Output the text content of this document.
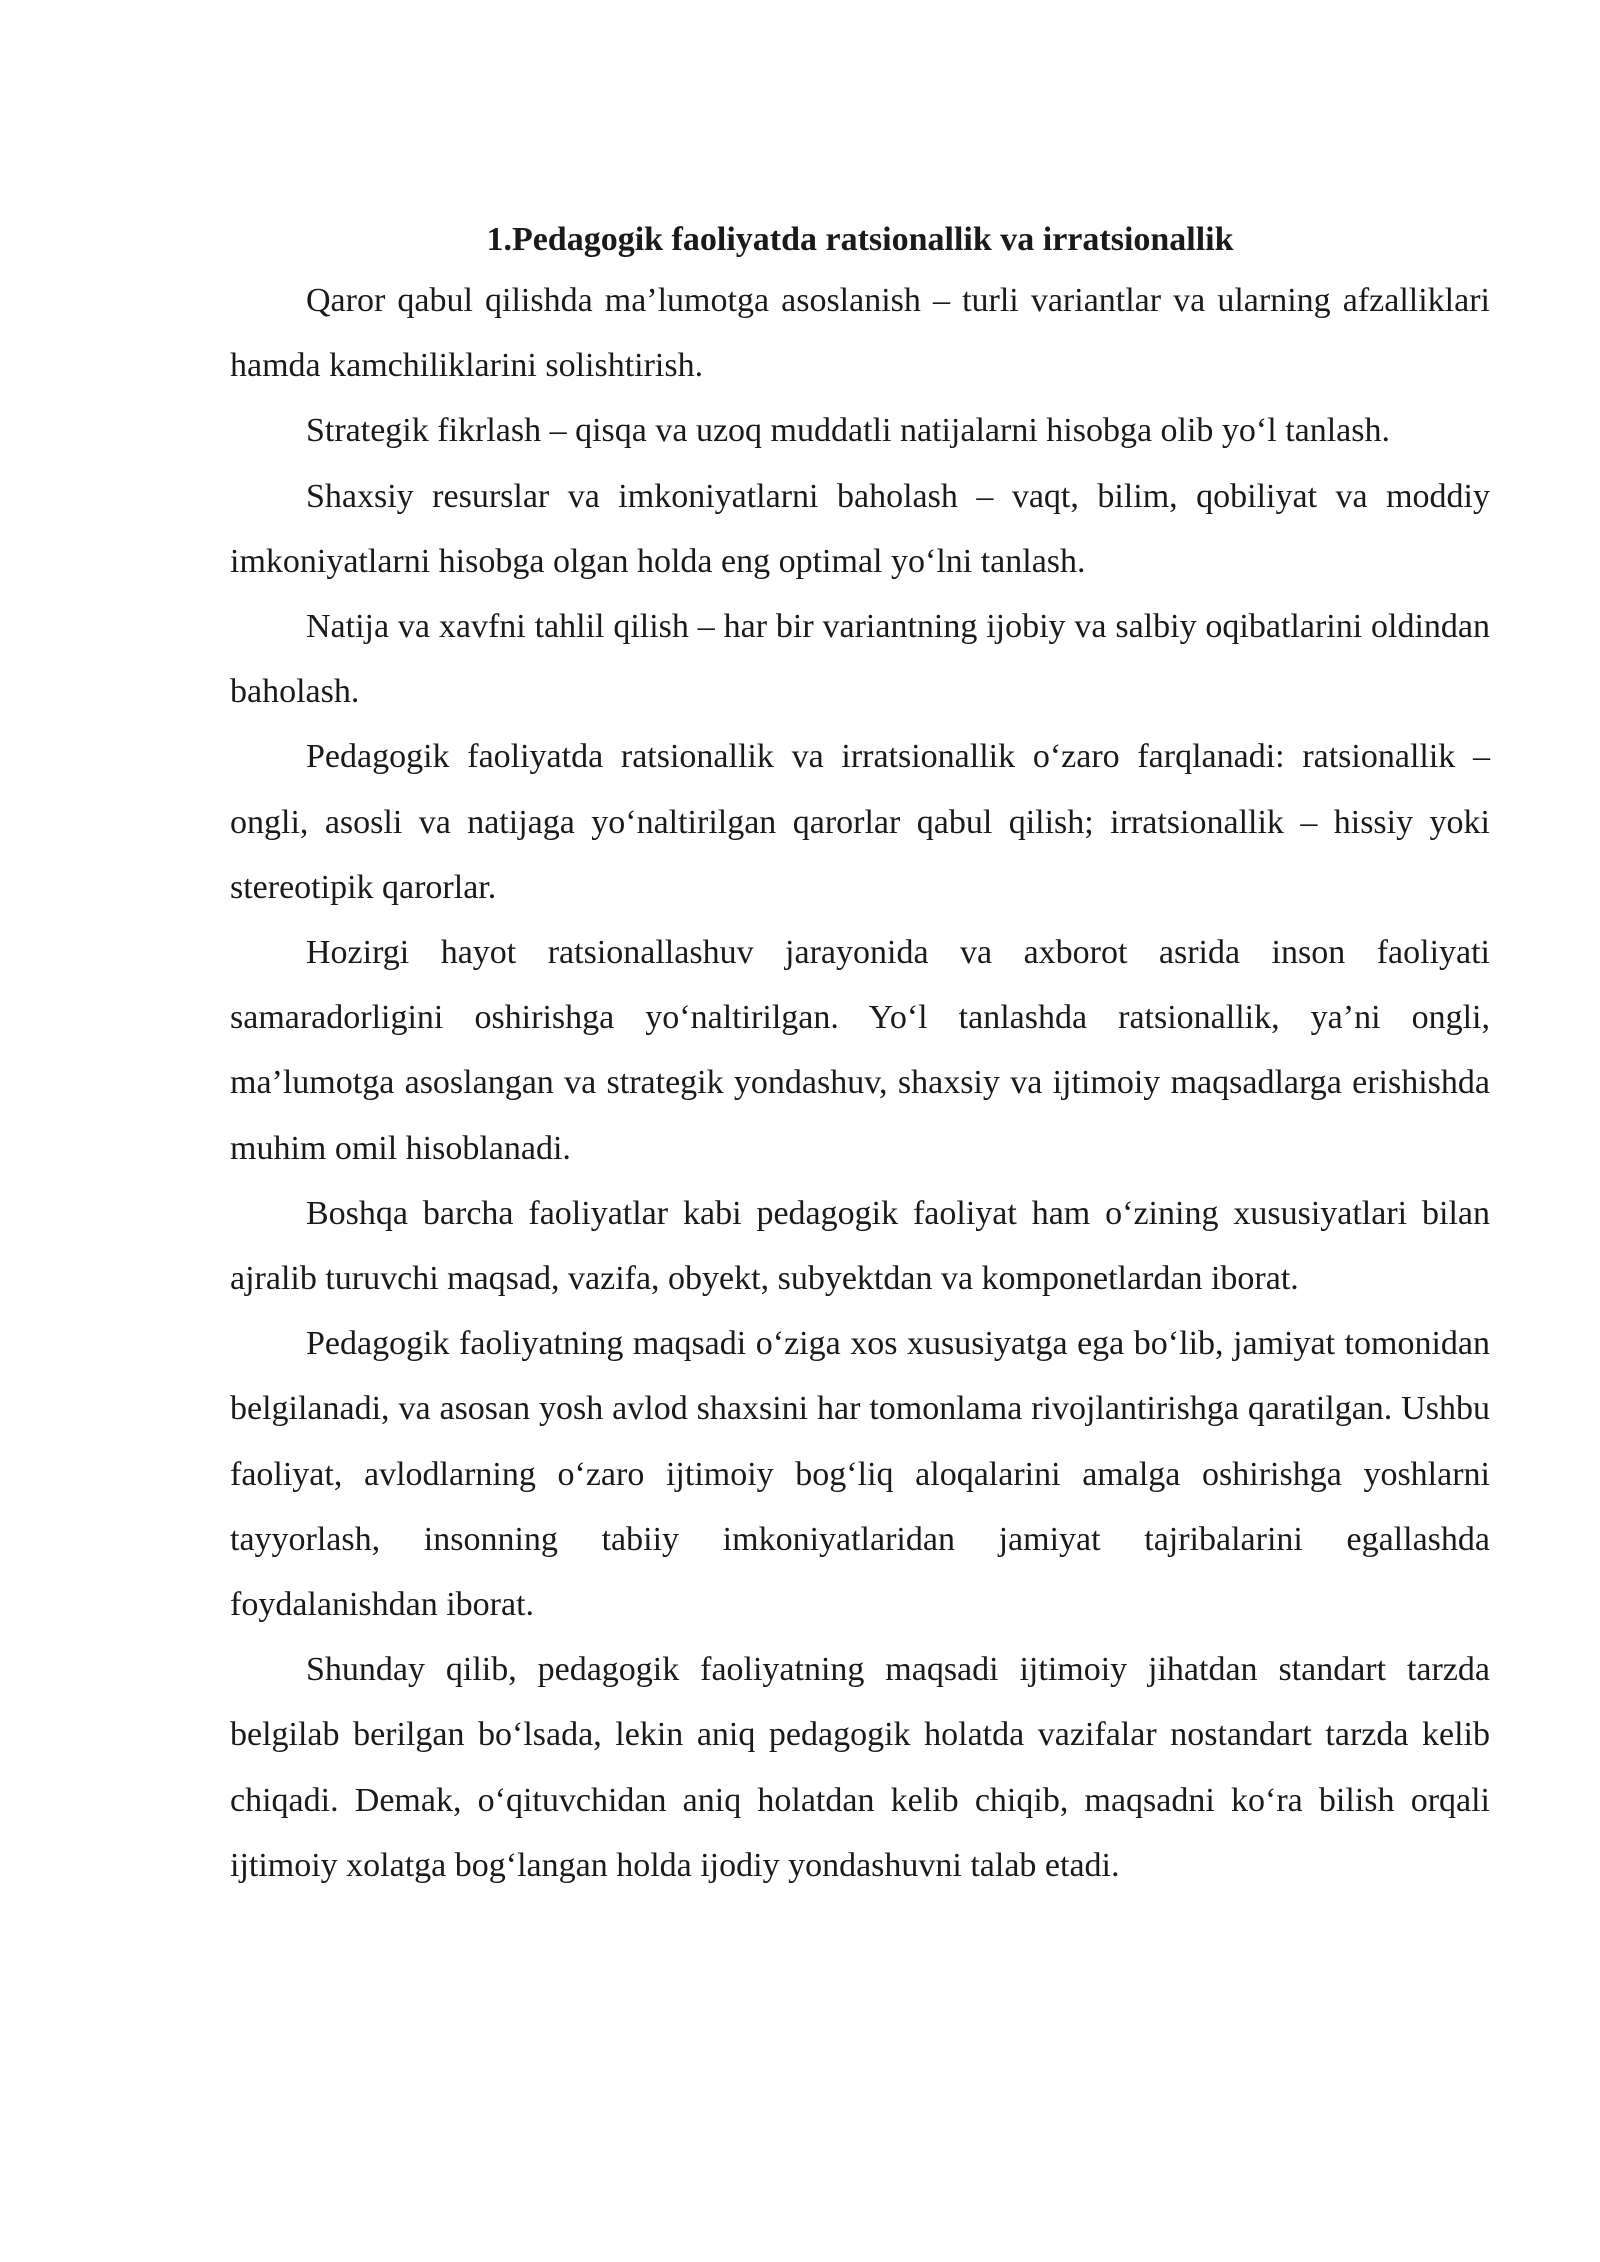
1.Pedagogik faoliyatda ratsionallik va irratsionallik

Qaror qabul qilishda ma’lumotga asoslanish – turli variantlar va ularning afzalliklari hamda kamchiliklarini solishtirish.

Strategik fikrlash – qisqa va uzoq muddatli natijalarni hisobga olib yo‘l tanlash.

Shaxsiy resurslar va imkoniyatlarni baholash – vaqt, bilim, qobiliyat va moddiy imkoniyatlarni hisobga olgan holda eng optimal yo‘lni tanlash.

Natija va xavfni tahlil qilish – har bir variantning ijobiy va salbiy oqibatlarini oldindan baholash.

Pedagogik faoliyatda ratsionallik va irratsionallik o‘zaro farqlanadi: ratsionallik – ongli, asosli va natijaga yo‘naltirilgan qarorlar qabul qilish; irratsionallik – hissiy yoki stereotipik qarorlar.

Hozirgi hayot ratsionallashuv jarayonida va axborot asrida inson faoliyati samaradorligini oshirishga yo‘naltirilgan. Yo‘l tanlashda ratsionallik, ya’ni ongli, ma’lumotga asoslangan va strategik yondashuv, shaxsiy va ijtimoiy maqsadlarga erishishda muhim omil hisoblanadi.

Boshqa barcha faoliyatlar kabi pedagogik faoliyat ham o‘zining xususiyatlari bilan ajralib turuvchi maqsad, vazifa, obyekt, subyektdan va komponetlardan iborat.

Pedagogik faoliyatning maqsadi o‘ziga xos xususiyatga ega bo‘lib, jamiyat tomonidan belgilanadi, va asosan yosh avlod shaxsini har tomonlama rivojlantirishga qaratilgan. Ushbu faoliyat, avlodlarning o‘zaro ijtimoiy bog‘liq aloqalarini amalga oshirishga yoshlarni tayyorlash, insonning tabiiy imkoniyatlaridan jamiyat tajribalarini egallashda foydalanishdan iborat.

Shunday qilib, pedagogik faoliyatning maqsadi ijtimoiy jihatdan standart tarzda belgilab berilgan bo‘lsada, lekin aniq pedagogik holatda vazifalar nostandart tarzda kelib chiqadi. Demak, o‘qituvchidan aniq holatdan kelib chiqib, maqsadni ko‘ra bilish orqali ijtimoiy xolatga bog‘langan holda ijodiy yondashuvni talab etadi.
